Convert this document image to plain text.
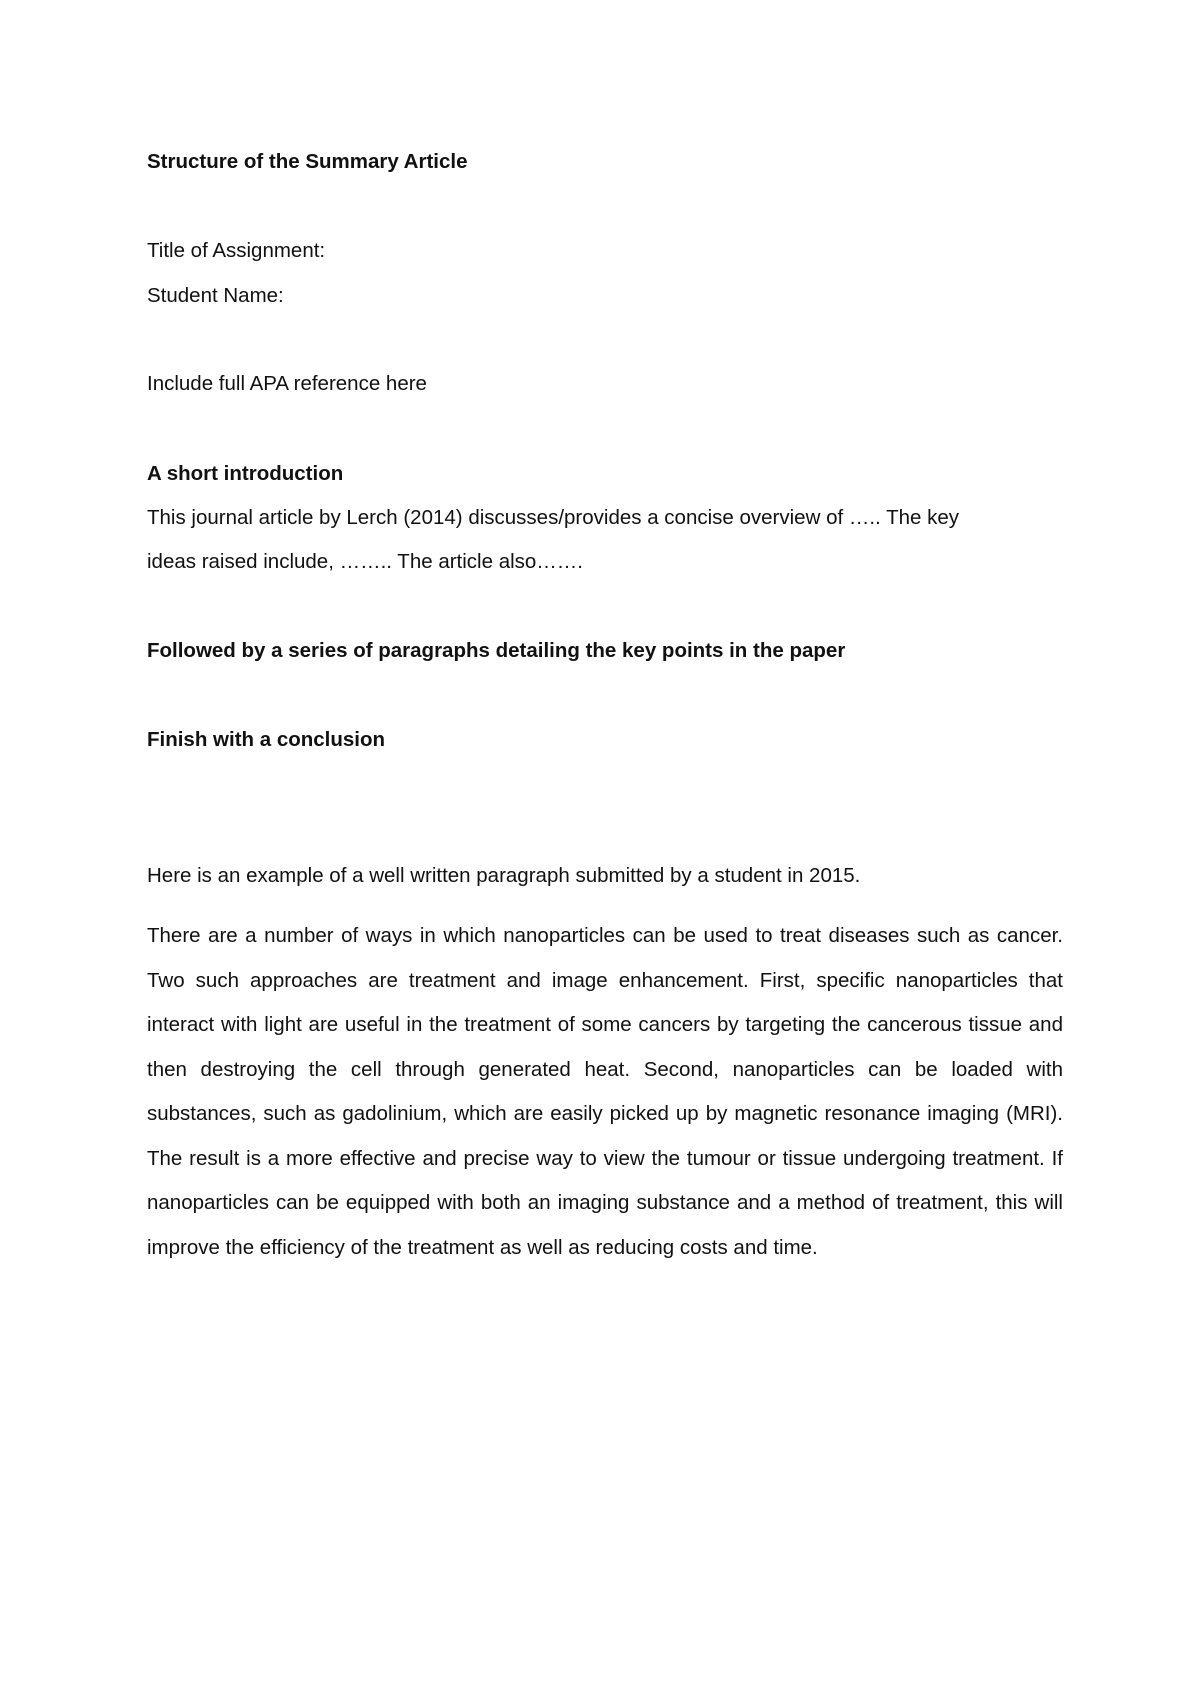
Structure of the Summary Article
Title of Assignment:
Student Name:
Include full APA reference here
A short introduction
This journal article by Lerch (2014) discusses/provides a concise overview of ….. The key
ideas raised include, …….. The article also…….
Followed by a series of paragraphs detailing the key points in the paper
Finish with a conclusion
Here is an example of a well written paragraph submitted by a student in 2015.

There are a number of ways in which nanoparticles can be used to treat diseases such as cancer. Two such approaches are treatment and image enhancement. First, specific nanoparticles that interact with light are useful in the treatment of some cancers by targeting the cancerous tissue and then destroying the cell through generated heat. Second, nanoparticles can be loaded with substances, such as gadolinium, which are easily picked up by magnetic resonance imaging (MRI). The result is a more effective and precise way to view the tumour or tissue undergoing treatment. If nanoparticles can be equipped with both an imaging substance and a method of treatment, this will improve the efficiency of the treatment as well as reducing costs and time.
